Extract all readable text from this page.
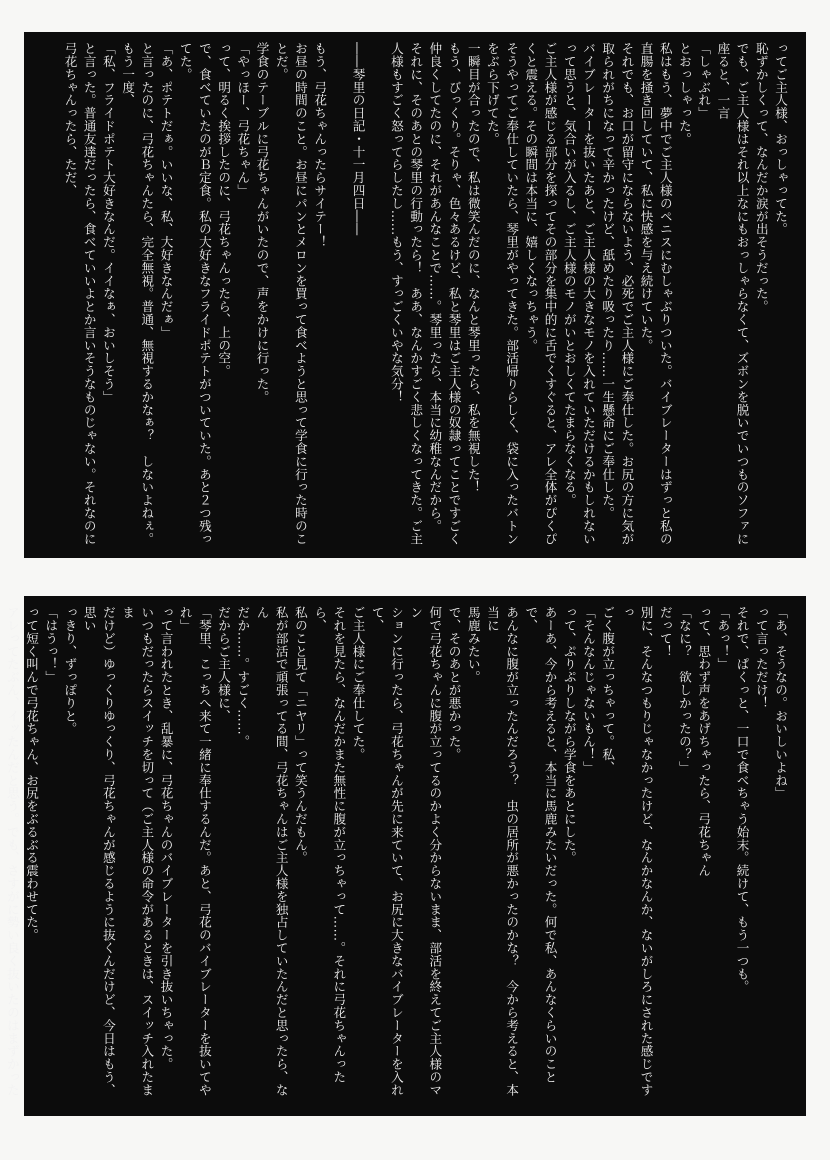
ってご主人様、おっしゃってた。

恥ずかしくって、なんだか涙が出そうだった。

でも、ご主人様はそれ以上なにもおっしゃらなくて、ズボンを脱いでいつものソファに

座ると、一言

「しゃぶれ」

とおっしゃった。

私はもう、夢中でご主人様のペニスにむしゃぶりついた。バイブレーターはずっと私の

直腸を掻き回していて、私に快感を与え続けていた。

それでも、お口が留守にならないよう、必死でご主人様にご奉仕した。お尻の方に気が

取られがちになって辛かったけど、舐めたり吸ったり……一生懸命にご奉仕した。

バイブレーターを抜いたあと、ご主人様の大きなモノを入れていただけるかもしれない

って思うと、気合いが入るし、ご主人様のモノがいとおしくてたまらなくなる。

ご主人様が感じる部分を探ってその部分を集中的に舌でくすぐると、アレ全体がぴくぴ

くと震える。その瞬間は本当に、嬉しくなっちゃう。

そうやってご奉仕していたら、琴里がやってきた。部活帰りらしく、袋に入ったバトン

をぶら下げてた。

一瞬目が合ったので、私は微笑んだのに、なんと琴里ったら、私を無視した！

もう、びっくり。そりゃ、色々あるけど、私と琴里はご主人様の奴隷ってことですごく

仲良くしてたのに、それがあんなことで……。琴里ったら、本当に幼稚なんだから。

それに、そのあとの琴里の行動ったら！　ああ、なんかすごく悲しくなってきた。ご主

人様もすごく怒ってらしたし……もう、すっごくいやな気分！

――琴里の日記・十一月四日――

もう、弓花ちゃんったらサイテー！

お昼の時間のこと。お昼にパンとメロンを買って食べようと思って学食に行った時のこ

とだ。

学食のテーブルに弓花ちゃんがいたので、声をかけに行った。

「やっほー、弓花ちゃん」

って、明るく挨拶したのに、弓花ちゃんったら、上の空。

で、食べていたのがＢ定食。私の大好きなフライドポテトがついていた。あと２つ残っ

てた。

「あ、ポテトだぁ。いいな、私、大好きなんだぁ」

と言ったのに、弓花ちゃんたら、完全無視。普通、無視するかなぁ？　しないよねぇ。

もう一度、

「私、フライドポテト大好きなんだ。イイなぁ、おいしそう」

と言った。普通友達だったら、食べていいよとか言いそうなものじゃない。それなのに

弓花ちゃんったら、ただ、

「あ、そうなの。おいしいよね」

って言っただけ！

それで、ぱくっと、一口で食べちゃう始末。続けて、もう一つも。

「あっ！」

って、思わず声をあげちゃったら、弓花ちゃん

「なに？　欲しかったの？」

だって！

別に、そんなつもりじゃなかったけど、なんかなんか、ないがしろにされた感じですっ

ごく腹が立っちゃって。私、

「そんなんじゃないもん！」

って、ぷりぷりしながら学食をあとにした。

あーあ、今から考えると、本当に馬鹿みたいだった。何で私、あんなくらいのことで、

あんなに腹が立ったんだろう？　虫の居所が悪かったのかな？　今から考えると、本当に

馬鹿みたい。

で、そのあとが悪かった。

何で弓花ちゃんに腹が立ってるのかよく分からないまま、部活を終えてご主人様のマン

ションに行ったら、弓花ちゃんが先に来ていて、お尻に大きなバイブレーターを入れて、

ご主人様にご奉仕してた。

それを見たら、なんだかまた無性に腹が立っちゃって……。それに弓花ちゃんったら、

私のこと見て「ニヤリ」って笑うんだもん。

私が部活で頑張ってる間、弓花ちゃんはご主人様を独占していたんだと思ったら、なん

だか……。すごく……。

だからご主人様に、

「琴里、こっちへ来て一緒に奉仕するんだ。あと、弓花のバイブレーターを抜いてやれ」

って言われたとき、乱暴に、弓花ちゃんのバイブレーターを引き抜いちゃった。

いつもだったらスイッチを切って（ご主人様の命令があるときは、スイッチ入れたまま

だけど）ゆっくりゆっくり、弓花ちゃんが感じるように抜くんだけど、今日はもう、思い

っきり、ずっぽりと。

「はうっ！」

って短く叫んで弓花ちゃん、お尻をぶるぶる震わせてた。

アレってたぶん、イッたんだと思う。でも、さすがに勢い良く抜いたのはまずかった
